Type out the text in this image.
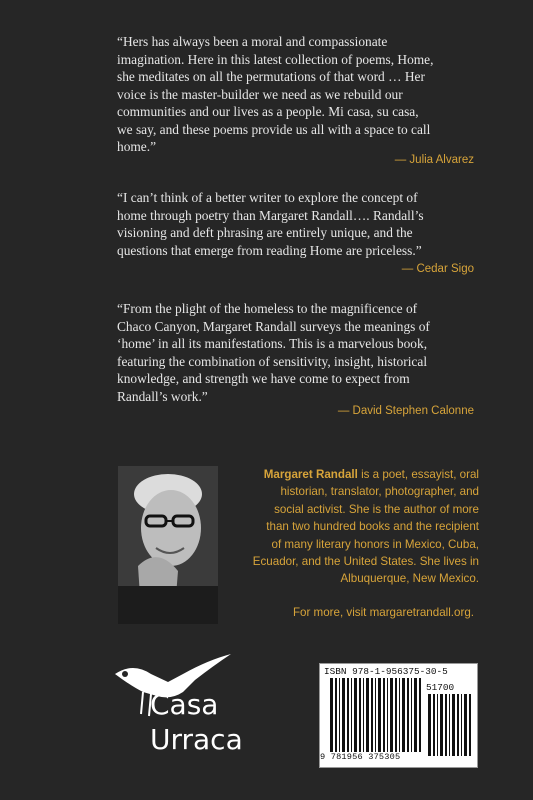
“Hers has always been a moral and compassionate
imagination. Here in this latest collection of poems, Home,
she meditates on all the permutations of that word … Her
voice is the master-builder we need as we rebuild our
communities and our lives as a people. Mi casa, su casa,
we say, and these poems provide us all with a space to call
home.”
— Julia Alvarez
“I can’t think of a better writer to explore the concept of
home through poetry than Margaret Randall…. Randall’s
visioning and deft phrasing are entirely unique, and the
questions that emerge from reading Home are priceless.”
— Cedar Sigo
“From the plight of the homeless to the magnificence of
Chaco Canyon, Margaret Randall surveys the meanings of
‘home’ in all its manifestations. This is a marvelous book,
featuring the combination of sensitivity, insight, historical
knowledge, and strength we have come to expect from
Randall’s work.”
— David Stephen Calonne
Margaret Randall is a poet, essayist, oral
historian, translator, photographer, and
social activist. She is the author of more
than two hundred books and the recipient
of many literary honors in Mexico, Cuba,
Ecuador, and the United States. She lives in
Albuquerque, New Mexico.
For more, visit margaretrandall.org.
Casa
Urraca
ISBN 978-1-956375-30-5
51700
9 781956 375305
